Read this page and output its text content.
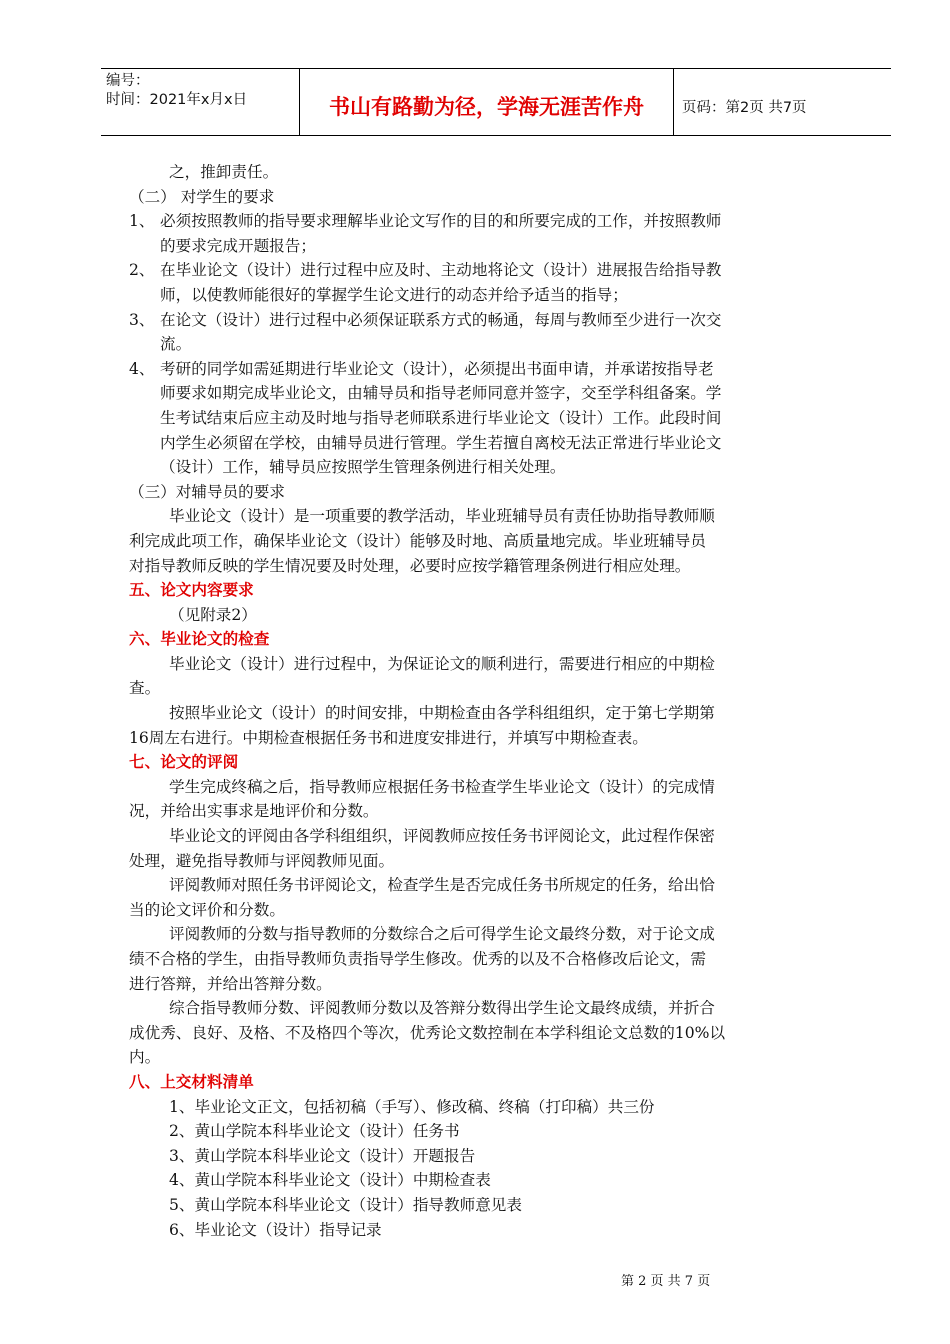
编号：
时间：2021年x月x日	书山有路勤为径，学海无涯苦作舟	页码：第2页 共7页
之，推卸责任。
（二） 对学生的要求
1、 必须按照教师的指导要求理解毕业论文写作的目的和所要完成的工作，并按照教师
的要求完成开题报告；
2、 在毕业论文（设计）进行过程中应及时、主动地将论文（设计）进展报告给指导教
师，以使教师能很好的掌握学生论文进行的动态并给予适当的指导；
3、 在论文（设计）进行过程中必须保证联系方式的畅通，每周与教师至少进行一次交
流。
4、 考研的同学如需延期进行毕业论文（设计），必须提出书面申请，并承诺按指导老
师要求如期完成毕业论文，由辅导员和指导老师同意并签字，交至学科组备案。学
生考试结束后应主动及时地与指导老师联系进行毕业论文（设计）工作。此段时间
内学生必须留在学校，由辅导员进行管理。学生若擅自离校无法正常进行毕业论文
（设计）工作，辅导员应按照学生管理条例进行相关处理。
（三）对辅导员的要求
毕业论文（设计）是一项重要的教学活动，毕业班辅导员有责任协助指导教师顺
利完成此项工作，确保毕业论文（设计）能够及时地、高质量地完成。毕业班辅导员
对指导教师反映的学生情况要及时处理，必要时应按学籍管理条例进行相应处理。
五、论文内容要求
（见附录2）
六、毕业论文的检查
毕业论文（设计）进行过程中，为保证论文的顺利进行，需要进行相应的中期检
查。
按照毕业论文（设计）的时间安排，中期检查由各学科组组织，定于第七学期第
16周左右进行。中期检查根据任务书和进度安排进行，并填写中期检查表。
七、论文的评阅
学生完成终稿之后，指导教师应根据任务书检查学生毕业论文（设计）的完成情
况，并给出实事求是地评价和分数。
毕业论文的评阅由各学科组组织，评阅教师应按任务书评阅论文，此过程作保密
处理，避免指导教师与评阅教师见面。
评阅教师对照任务书评阅论文，检查学生是否完成任务书所规定的任务，给出恰
当的论文评价和分数。
评阅教师的分数与指导教师的分数综合之后可得学生论文最终分数，对于论文成
绩不合格的学生，由指导教师负责指导学生修改。优秀的以及不合格修改后论文，需
进行答辩，并给出答辩分数。
综合指导教师分数、评阅教师分数以及答辩分数得出学生论文最终成绩，并折合
成优秀、良好、及格、不及格四个等次，优秀论文数控制在本学科组论文总数的10%以
内。
八、上交材料清单
1、毕业论文正文，包括初稿（手写）、修改稿、终稿（打印稿）共三份
2、黄山学院本科毕业论文（设计）任务书
3、黄山学院本科毕业论文（设计）开题报告
4、黄山学院本科毕业论文（设计）中期检查表
5、黄山学院本科毕业论文（设计）指导教师意见表
6、毕业论文（设计）指导记录
第 2 页 共 7 页
